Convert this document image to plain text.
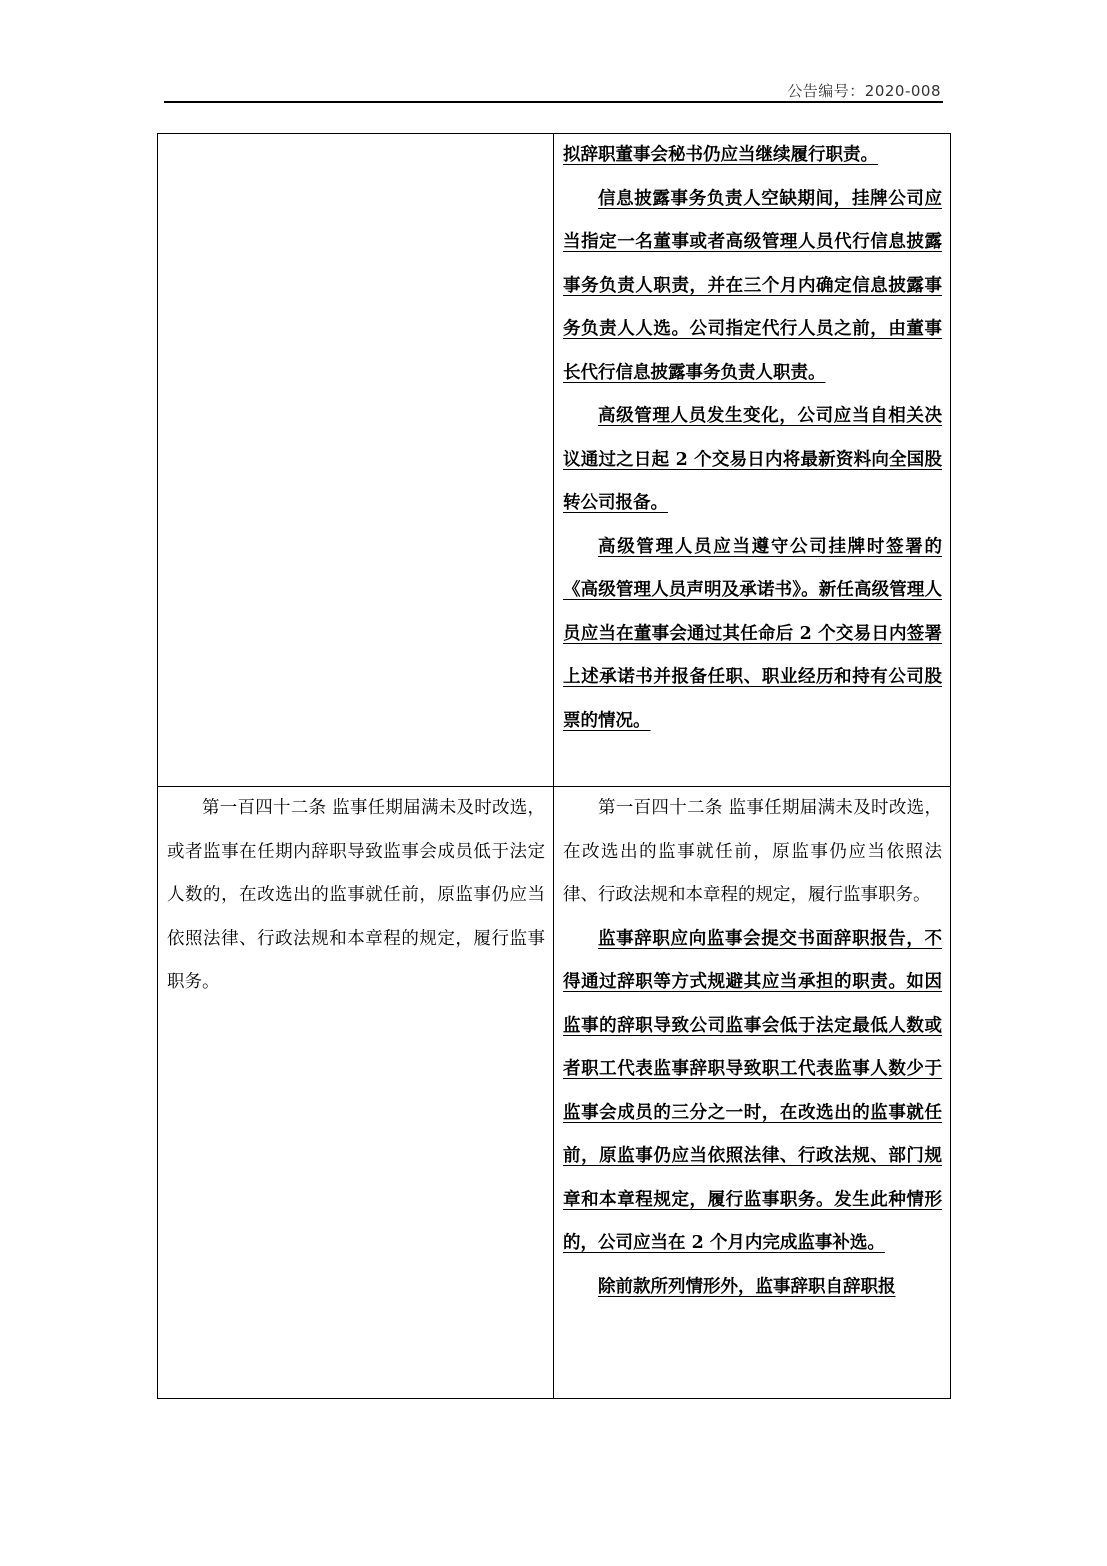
公告编号：2020-008

	拟辞职董事会秘书仍应当继续履行职责。

信息披露事务负责人空缺期间，挂牌公司应当指定一名董事或者高级管理人员代行信息披露事务负责人职责，并在三个月内确定信息披露事务负责人人选。公司指定代行人员之前，由董事长代行信息披露事务负责人职责。

高级管理人员发生变化，公司应当自相关决议通过之日起 2 个交易日内将最新资料向全国股转公司报备。

高级管理人员应当遵守公司挂牌时签署的《高级管理人员声明及承诺书》。新任高级管理人员应当在董事会通过其任命后 2 个交易日内签署上述承诺书并报备任职、职业经历和持有公司股票的情况。

第一百四十二条 监事任期届满未及时改选，或者监事在任期内辞职导致监事会成员低于法定人数的，在改选出的监事就任前，原监事仍应当依照法律、行政法规和本章程的规定，履行监事职务。	第一百四十二条 监事任期届满未及时改选，在改选出的监事就任前，原监事仍应当依照法律、行政法规和本章程的规定，履行监事职务。

监事辞职应向监事会提交书面辞职报告，不得通过辞职等方式规避其应当承担的职责。如因监事的辞职导致公司监事会低于法定最低人数或者职工代表监事辞职导致职工代表监事人数少于监事会成员的三分之一时，在改选出的监事就任前，原监事仍应当依照法律、行政法规、部门规章和本章程规定，履行监事职务。发生此种情形的，公司应当在 2 个月内完成监事补选。

除前款所列情形外，监事辞职自辞职报
